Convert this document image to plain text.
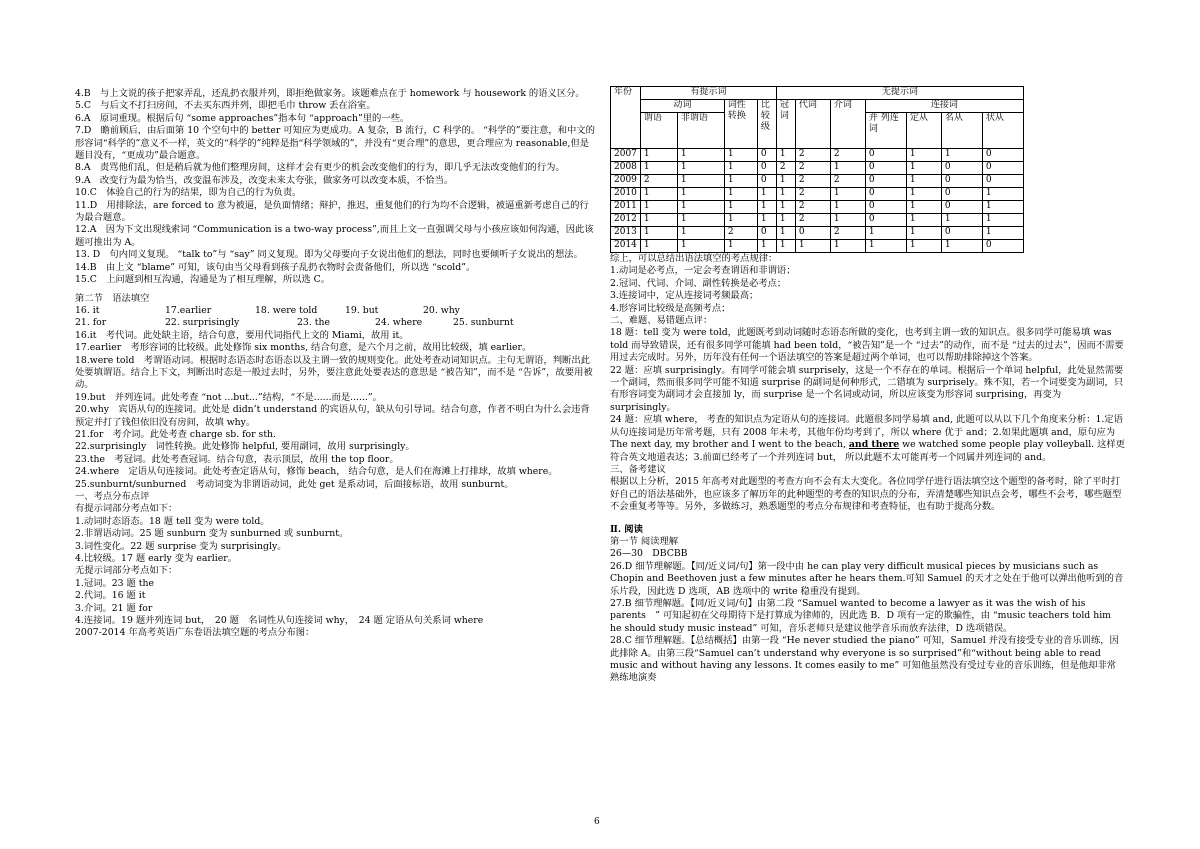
4.B　与上文说的孩子把家弄乱，还乱扔衣服并列，即拒绝做家务。该题难点在于 homework 与 housework 的语义区分。

5.C　与后文不打扫房间，不去买东西并列，即把毛巾 throw 丢在浴室。

6.A　原词重现。根据后句 “some approaches”指本句 “approach”里的一些。

7.D　瞻前顾后，由后面第 10 个空句中的 better 可知应为更成功。A 复杂，B 流行，C 科学的。 “科学的”要注意，和中文的形容词“科学的”意义不一样，英文的“科学的”纯粹是指“科学领域的”，并没有“更合理”的意思，更合理应为 reasonable,但是题目没有，“更成功”最合题意。

8.A　责骂他们乱，但是稍后就为他们整理房间，这样才会有更少的机会改变他们的行为，即几乎无法改变他们的行为。

9.A　改变行为最为恰当，改变温布涉及，改变未来太夸张，做家务可以改变本质，不恰当。

10.C　体验自己的行为的结果，即为自己的行为负责。

11.D　用排除法，are forced to 意为被逼，是负面情绪；辩护，推迟，重复他们的行为均不合逻辑，被逼重新考虑自己的行为最合题意。

12.A　因为下文出现线索词 “Communication is a two-way process”,而且上文一直强调父母与小孩应该如何沟通，因此该题可推出为 A。

13. D　句内同义复现。 “talk to”与 “say” 同义复现。即为父母要向子女说出他们的想法，同时也要倾听子女说出的想法。

14.B　由上文 “blame” 可知，该句由当父母看到孩子乱扔衣物时会责备他们，所以选 “scold”。

15.C　上问题到相互沟通，沟通是为了相互理解，所以选 C。

第二节　语法填空

16. it	17.earlier	18. were told	19. but	20. why
21. for	22. surprisingly	23. the	24. where	25. sunburnt

16.it　考代词。此处缺主语，结合句意，要用代词指代上文的 Miami，故用 it。

17.earlier　考形容词的比较级。此处修饰 six months, 结合句意，是六个月之前，故用比较级，填 earlier。

18.were told　考谓语动词。根据时态语态时态语态以及主谓一致的规则变化。此处考查动词知识点。主句无谓语，判断出此处要填谓语。结合上下文，判断出时态是一般过去时，另外，要注意此处要表达的意思是 “被告知”，而不是 “告诉”，故要用被动。

19.but　并列连词。此处考查 “not ...but...”结构，“不是......而是......”。

20.why　宾语从句的连接词。此处是 didn’t understand 的宾语从句，缺从句引导词。结合句意，作者不明白为什么会违背预定并打了钱但依旧没有房间，故填 why。

21.for　考介词。此处考查 charge sb. for sth.

22.surprisingly　词性转换。此处修饰 helpful, 要用副词，故用 surprisingly。

23.the　考冠词。此处考查冠词。结合句意，表示顶层，故用 the top floor。

24.where　定语从句连接词。此处考查定语从句，修饰 beach， 结合句意，是人们在海滩上打排球，故填 where。

25.sunburnt/sunburned　考动词变为非谓语动词，此处 get 是系动词，后面接标语，故用 sunburnt。

一、考点分布点评

有提示词部分考点如下：

1.动词时态语态。18 题 tell 变为 were told。

2.非谓语动词。25 题 sunburn 变为 sunburned 或 sunburnt。

3.词性变化。22 题 surprise 变为 surprisingly。

4.比较级。17 题 early 变为 earlier。

无提示词部分考点如下：

1.冠词。23 题 the

2.代词。16 题 it

3.介词。21 题 for

4.连接词。19 题并列连词 but，　20 题　名词性从句连接词 why，　24 题 定语从句关系词 where

2007-2014 年高考英语广东卷语法填空题的考点分布图：

年份	有提示词				无提示词						
	动词		词性转换	比较级	冠词	代词	介词	连接词			
	谓语	非谓语						并 列连词	定从	名从	状从
2007	1	1	1	0	1	2	2	0	1	1	0
2008	1	1	1	0	2	2	1	0	1	0	0
2009	2	1	1	0	1	2	2	0	1	0	0
2010	1	1	1	1	1	2	1	0	1	0	1
2011	1	1	1	1	1	2	1	0	1	0	1
2012	1	1	1	1	1	2	1	0	1	1	1
2013	1	1	2	0	1	0	2	1	1	0	1
2014	1	1	1	1	1	1	1	1	1	1	0

综上，可以总结出语法填空的考点规律：

1.动词是必考点，一定会考查谓语和非谓语；

2.冠词、代词、介词、副性转换是必考点；

3.连接词中，定从连接词考频最高；

4.形容词比较级是高频考点；

二、难题、易错题点评：

18 题：tell 变为 were told，此题既考到动词随时态语态所做的变化，也考到主谓一致的知识点。很多同学可能易填 was told 而导致错误，还有很多同学可能填 had been told，“被告知”是一个 “过去”的动作，而不是 “过去的过去”，因而不需要用过去完成时。另外，历年没有任何一个语法填空的答案是超过两个单词，也可以帮助排除掉这个答案。

22 题：应填 surprisingly。有同学可能会填 surprisely，这是一个不存在的单词。根据后一个单词 helpful，此处显然需要一个副词，然而很多同学可能不知道 surprise 的副词是何种形式，二错填为 surprisely。殊不知，若一个词要变为副词，只有形容词变为副词才会直接加 ly，而 surprise 是一个名词或动词，所以应该变为形容词 surprising，再变为 surprisingly。

24 题：应填 where， 考查的知识点为定语从句的连接词。此题很多同学易填 and, 此题可以从以下几个角度来分析：1.定语从句连接词是历年常考题，只有 2008 年未考，其他年份均考到了，所以 where 优于 and；2.如果此题填 and，原句应为 The next day, my brother and I went to the beach, and there we watched some people play volleyball. 这样更符合英文地道表达；3.前面已经考了一个并列连词 but， 所以此题不太可能再考一个同属并列连词的 and。

三、备考建议

根据以上分析，2015 年高考对此题型的考查方向不会有太大变化。各位同学仔进行语法填空这个题型的备考时，除了平时打好自己的语法基础外，也应该多了解历年的此种题型的考查的知识点的分布，弄清楚哪些知识点会考，哪些不会考，哪些题型不会重复考等等。另外，多做练习，熟悉题型的考点分布规律和考查特征，也有助于提高分数。

Ⅱ. 阅读

第一节 阅读理解

26—30　DBCBB

26.D 细节理解题。【同/近义词/句】第一段中由 he can play very difficult musical pieces by musicians such as Chopin and Beethoven just a few minutes after he hears them.可知 Samuel 的天才之处在于他可以弹出他听到的音乐片段，因此选 D 选项，AB 选项中的 write 稳重没有提到。

27.B 细节理解题。【同/近义词/句】由第二段 “Samuel wanted to become a lawyer as it was the wish of his parents　” 可知起初在父母期待下是打算成为律师的，因此选 B．D 项有一定的欺骗性，由 “music teachers told him he should study music instead” 可知，音乐老师只是建议他学音乐而放弃法律，D 选项错误。

28.C 细节理解题。【总结概括】由第一段 “He never studied the piano” 可知，Samuel 并没有接受专业的音乐训练，因此排除 A。由第三段“Samuel can’t understand why everyone is so surprised”和“without being able to read music and without having any lessons. It comes easily to me” 可知他虽然没有受过专业的音乐训练，但是他却非常熟练地演奏

6
